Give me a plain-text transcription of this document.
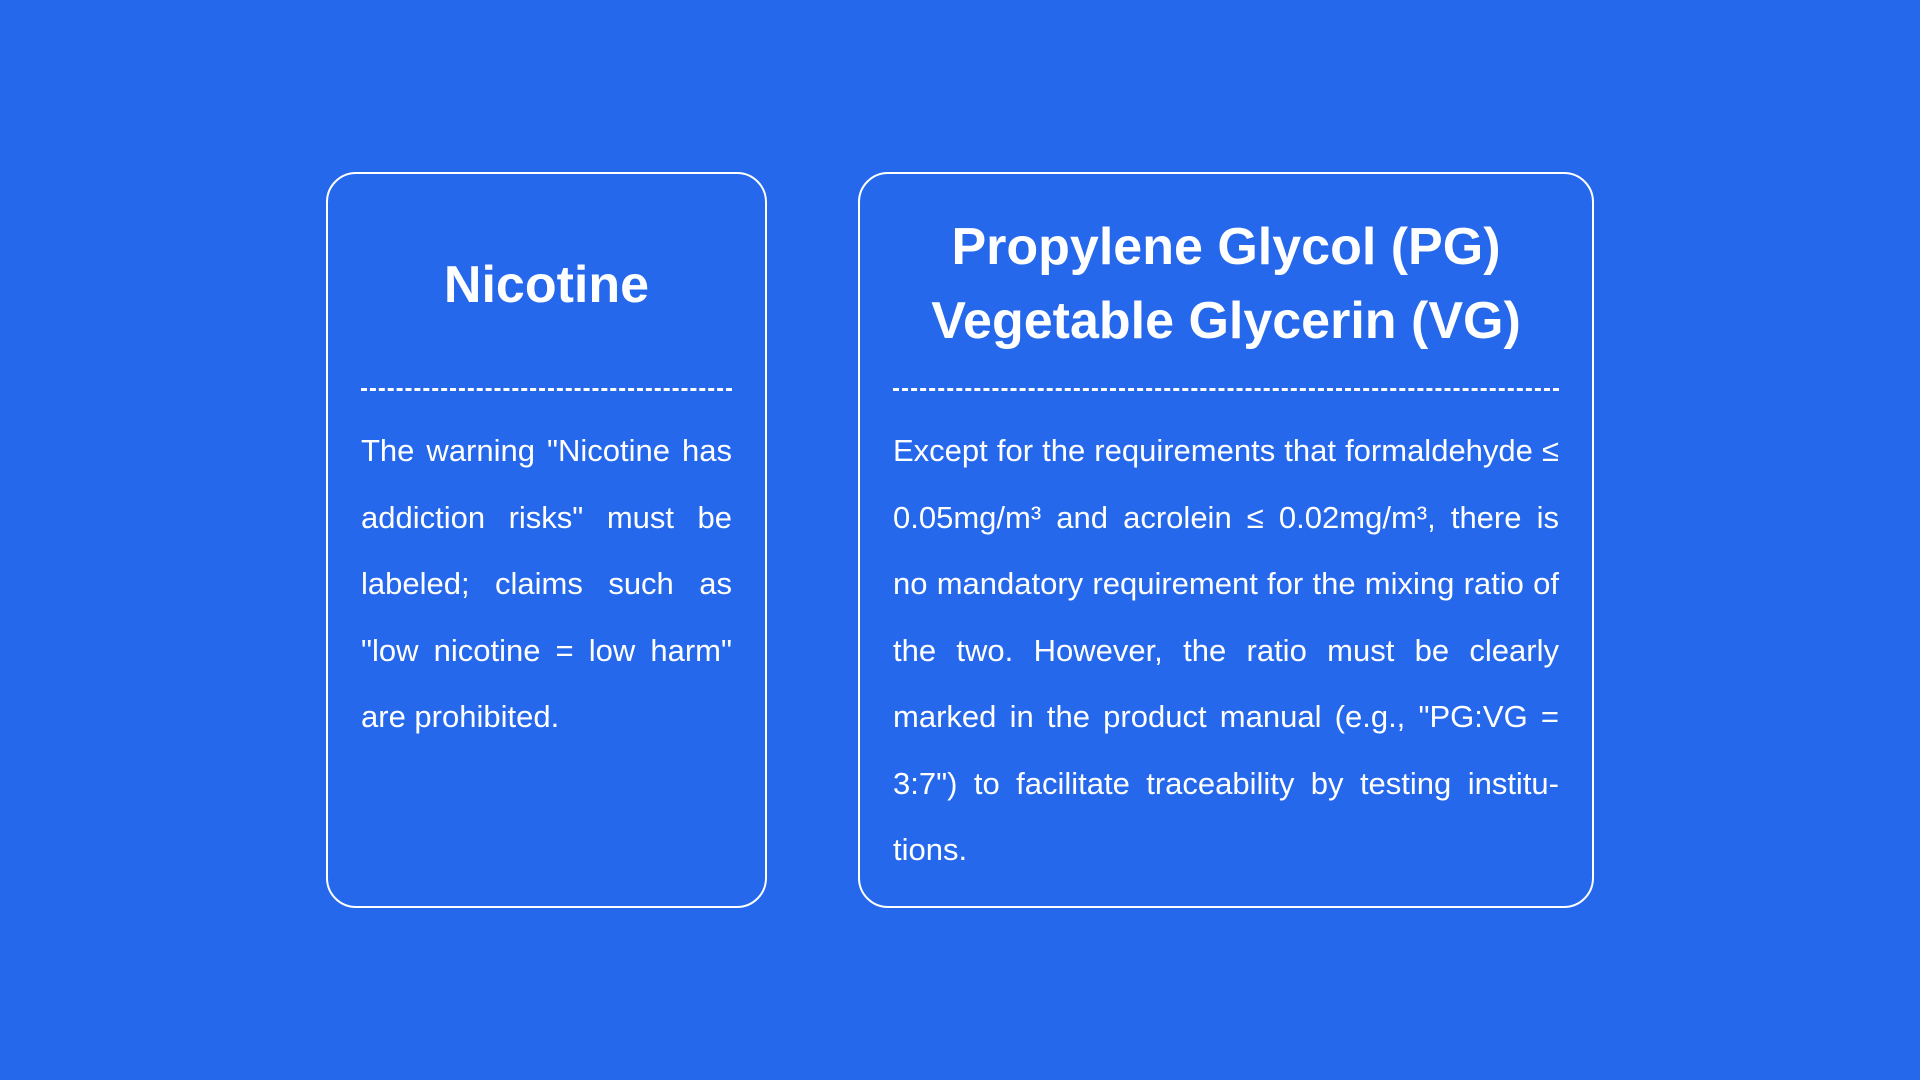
Nicotine

The warning "Nicotine has addiction risks" must be labeled; claims such as "low nicotine = low harm" are prohibited.

Propylene Glycol (PG)
Vegetable Glycerin (VG)

Except for the requirements that formaldehyde ≤ 0.05mg/m³ and acrolein ≤ 0.02mg/m³, there is no mandatory requirement for the mixing ratio of the two. However, the ratio must be clearly marked in the product manual (e.g., "PG:VG = 3:7") to facilitate traceability by testing institu-tions.
